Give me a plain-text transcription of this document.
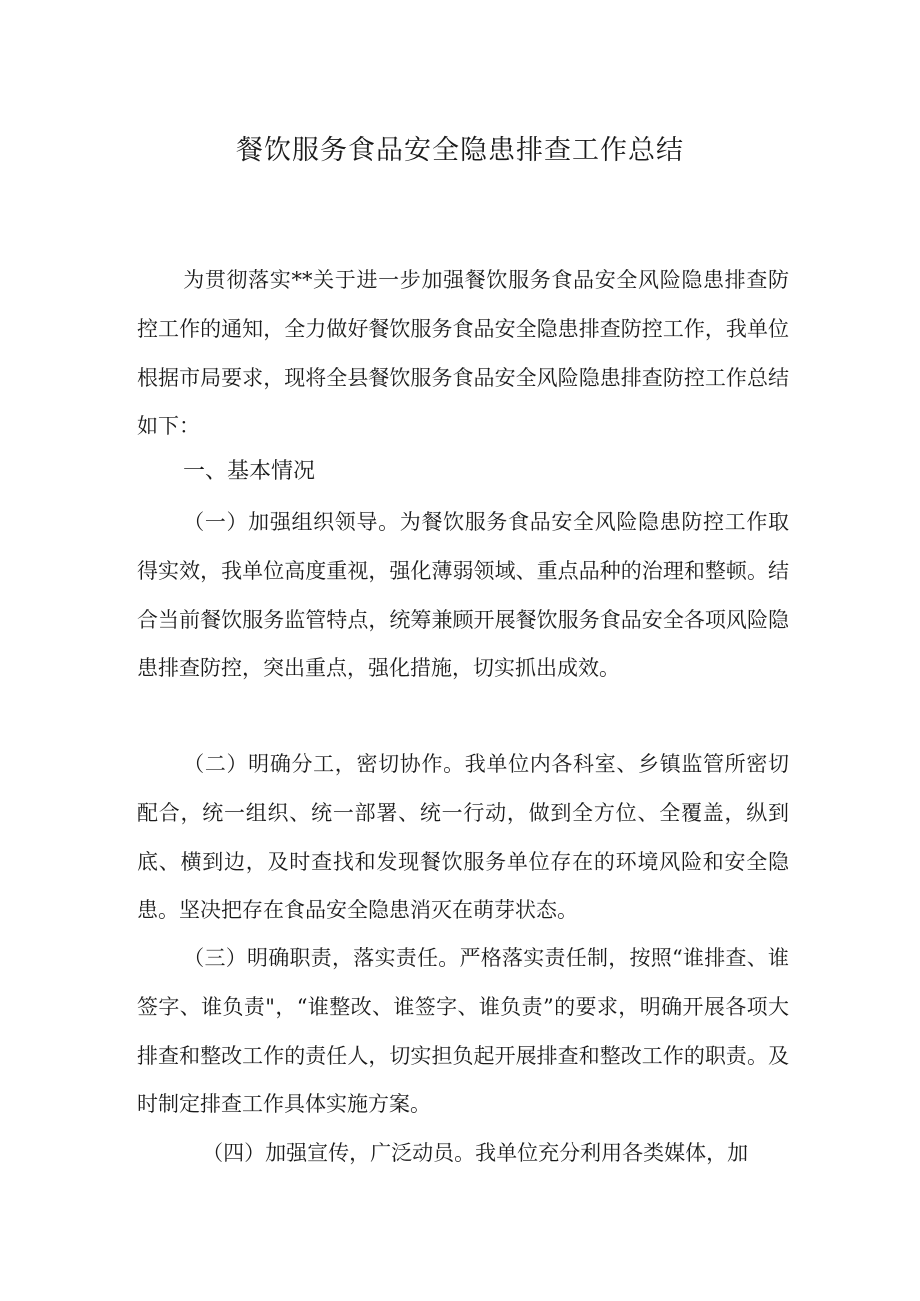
餐饮服务食品安全隐患排查工作总结

为贯彻落实**关于进一步加强餐饮服务食品安全风险隐患排查防控工作的通知，全力做好餐饮服务食品安全隐患排查防控工作，我单位根据市局要求，现将全县餐饮服务食品安全风险隐患排查防控工作总结如下：

一、基本情况

（一）加强组织领导。为餐饮服务食品安全风险隐患防控工作取得实效，我单位高度重视，强化薄弱领域、重点品种的治理和整顿。结合当前餐饮服务监管特点，统筹兼顾开展餐饮服务食品安全各项风险隐患排查防控，突出重点，强化措施，切实抓出成效。

（二）明确分工，密切协作。我单位内各科室、乡镇监管所密切配合，统一组织、统一部署、统一行动，做到全方位、全覆盖，纵到底、横到边，及时查找和发现餐饮服务单位存在的环境风险和安全隐患。坚决把存在食品安全隐患消灭在萌芽状态。

（三）明确职责，落实责任。严格落实责任制，按照“谁排查、谁签字、谁负责"，“谁整改、谁签字、谁负责”的要求，明确开展各项大排查和整改工作的责任人，切实担负起开展排查和整改工作的职责。及时制定排查工作具体实施方案。

（四）加强宣传，广泛动员。我单位充分利用各类媒体，加
